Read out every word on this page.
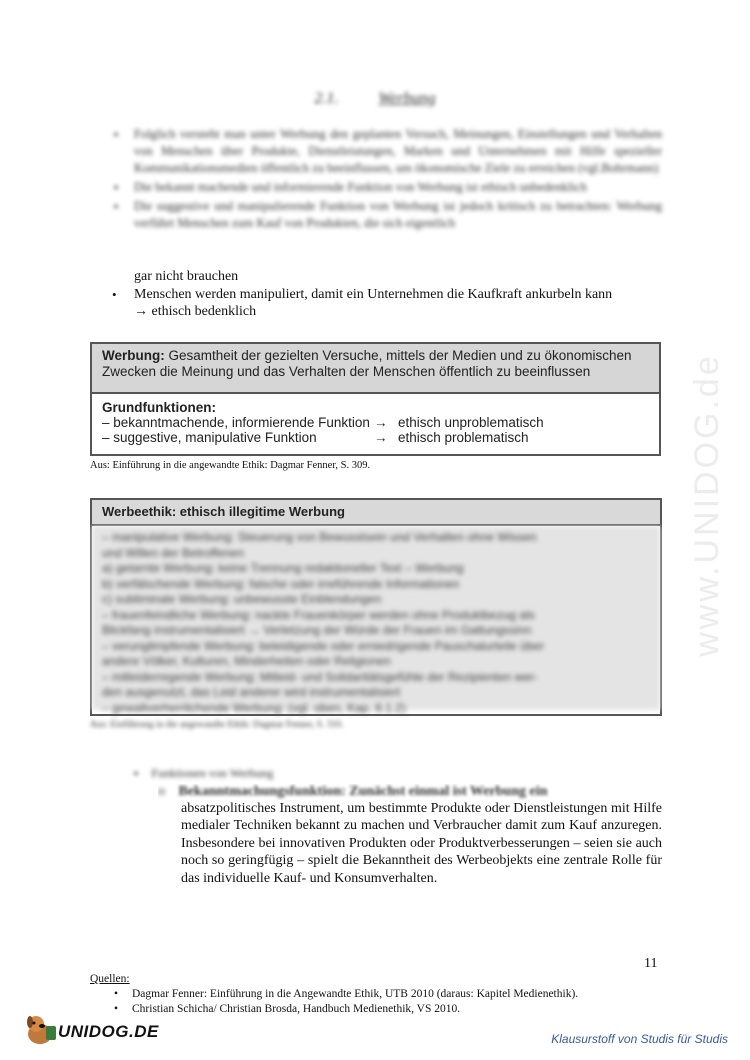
www.UNIDOG.de
2.1.	Werbung
▪ Folglich versteht man unter Werbung den geplanten Versuch, Meinungen, Einstellungen und Verhalten von Menschen über Produkte, Dienstleistungen, Marken und Unternehmen mit Hilfe spezieller Kommunikationsmedien öffentlich zu beeinflussen, um ökonomische Ziele zu erreichen (vgl.Bohrmann)
▪ Die bekannt machende und informierende Funktion von Werbung ist ethisch unbedenklich
▪ Die suggestive und manipulierende Funktion von Werbung ist jedoch kritisch zu betrachten: Werbung verführt Menschen zum Kauf von Produkten, die sich eigentlich
gar nicht brauchen
• Menschen werden manipuliert, damit ein Unternehmen die Kaufkraft ankurbeln kann
→ ethisch bedenklich
Werbung: Gesamtheit der gezielten Versuche, mittels der Medien und zu ökonomischen Zwecken die Meinung und das Verhalten der Menschen öffentlich zu beeinflussen
Grundfunktionen:
– bekanntmachende, informierende Funktion → ethisch unproblematisch
– suggestive, manipulative Funktion	→ ethisch problematisch
Aus: Einführung in die angewandte Ethik: Dagmar Fenner, S. 309.
Werbeethik: ethisch illegitime Werbung
– manipulative Werbung: Steuerung von Bewusstsein und Verhalten ohne Wissen
und Willen der Betroffenen
a) getarnte Werbung: keine Trennung redaktioneller Text – Werbung
b) verfälschende Werbung: falsche oder irreführende Informationen
c) subliminale Werbung: unbewusste Einblendungen
– frauenfeindliche Werbung: nackte Frauenkörper werden ohne Produktbezug als
Blickfang instrumentalisiert → Verletzung der Würde der Frauen im Gattungssinn
– verunglimpfende Werbung: beleidigende oder erniedrigende Pauschalurteile über
andere Völker, Kulturen, Minderheiten oder Religionen
– mitleiderregende Werbung: Mitleid- und Solidaritätsgefühle der Rezipienten wer-
den ausgenutzt, das Leid anderer wird instrumentalisiert
– gewaltverherrlichende Werbung: (vgl. oben, Kap. 6.1.2)
Aus: Einführung in die angewandte Ethik: Dagmar Fenner, S. 310.
▪ Funktionen von Werbung
o Bekanntmachungsfunktion: Zunächst einmal ist Werbung ein
absatzpolitisches Instrument, um bestimmte Produkte oder Dienstleistungen mit Hilfe medialer Techniken bekannt zu machen und Verbraucher damit zum Kauf anzuregen. Insbesondere bei innovativen Produkten oder Produktverbesserungen – seien sie auch noch so geringfügig – spielt die Bekanntheit des Werbeobjekts eine zentrale Rolle für das individuelle Kauf- und Konsumverhalten.
11
Quellen:
• Dagmar Fenner: Einführung in die Angewandte Ethik, UTB 2010 (daraus: Kapitel Medienethik).
• Christian Schicha/ Christian Brosda, Handbuch Medienethik, VS 2010.
UNIDOG.DE	Klausurstoff von Studis für Studis
